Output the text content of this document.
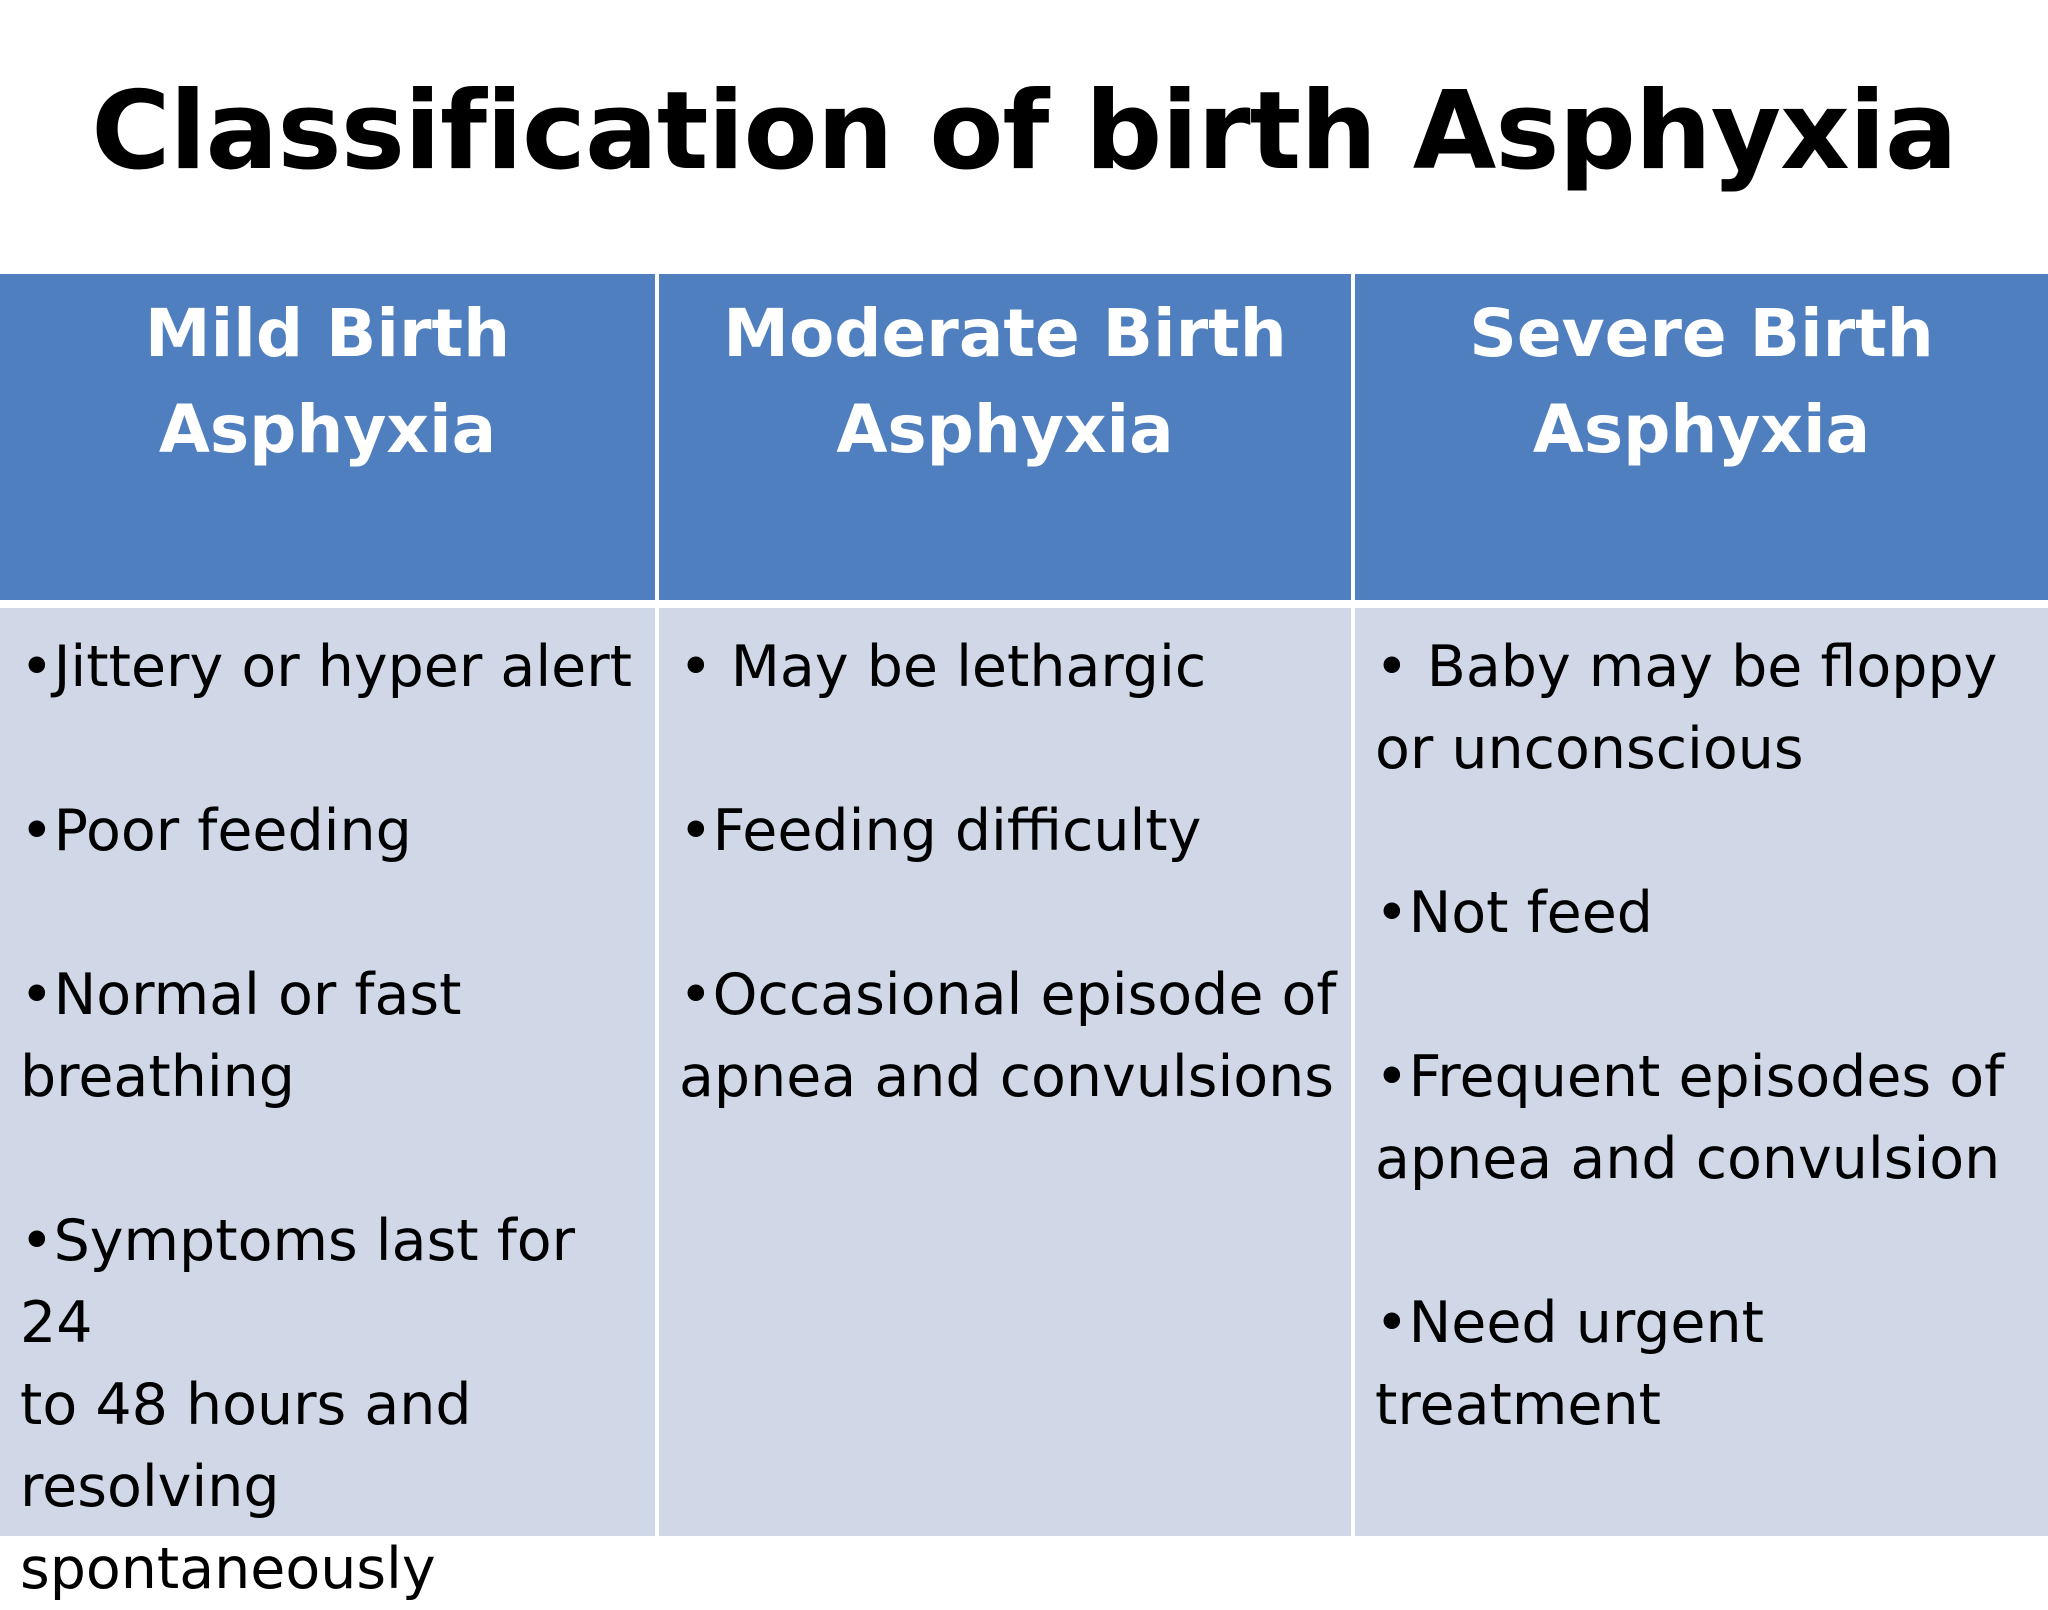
Classification of birth Asphyxia
Mild Birth
Asphyxia
Moderate Birth
Asphyxia
Severe Birth
Asphyxia

•Jittery or hyper alert

•Poor feeding

•Normal or fast
breathing

•Symptoms last for 24
to 48 hours and
resolving
spontaneously

• May be lethargic

•Feeding difficulty

•Occasional episode of
apnea and convulsions

• Baby may be floppy
or unconscious

•Not feed

•Frequent episodes of
apnea and convulsion

•Need urgent
treatment
